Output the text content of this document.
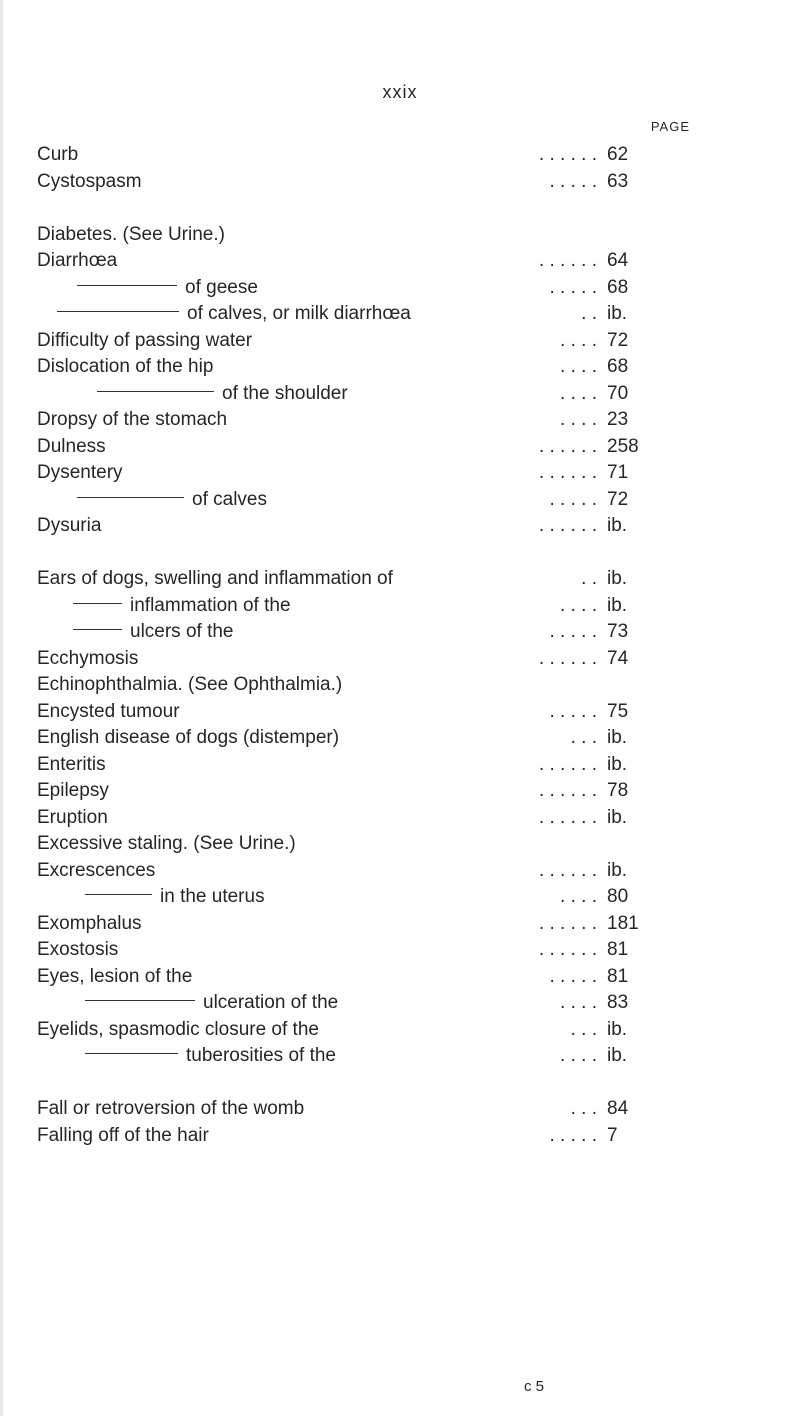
xxix
PAGE
. . . . . .
Curb	62
. . . . .
Cystospasm	63
Diabetes. (See Urine.)
. . . . . .
Diarrhœa	64
. . . . .
of geese	68
. .
of calves, or milk diarrhœa	ib.
. . . .
Difficulty of passing water	72
. . . .
Dislocation of the hip	68
. . . .
of the shoulder	70
. . . .
Dropsy of the stomach	23
. . . . . .
Dulness	258
. . . . . .
Dysentery	71
. . . . .
of calves	72
. . . . . .
Dysuria	ib.
. .
Ears of dogs, swelling and inflammation of	ib.
. . . .
inflammation of the	ib.
. . . . .
ulcers of the	73
. . . . . .
Ecchymosis	74
Echinophthalmia. (See Ophthalmia.)
. . . . .
Encysted tumour	75
. . .
English disease of dogs (distemper)	ib.
. . . . . .
Enteritis	ib.
. . . . . .
Epilepsy	78
. . . . . .
Eruption	ib.
Excessive staling. (See Urine.)
. . . . . .
Excrescences	ib.
. . . .
in the uterus	80
. . . . . .
Exomphalus	181
. . . . . .
Exostosis	81
. . . . .
Eyes, lesion of the	81
. . . .
ulceration of the	83
. . .
Eyelids, spasmodic closure of the	ib.
. . . .
tuberosities of the	ib.
. . .
Fall or retroversion of the womb	84
. . . . .
Falling off of the hair	7
c 5
